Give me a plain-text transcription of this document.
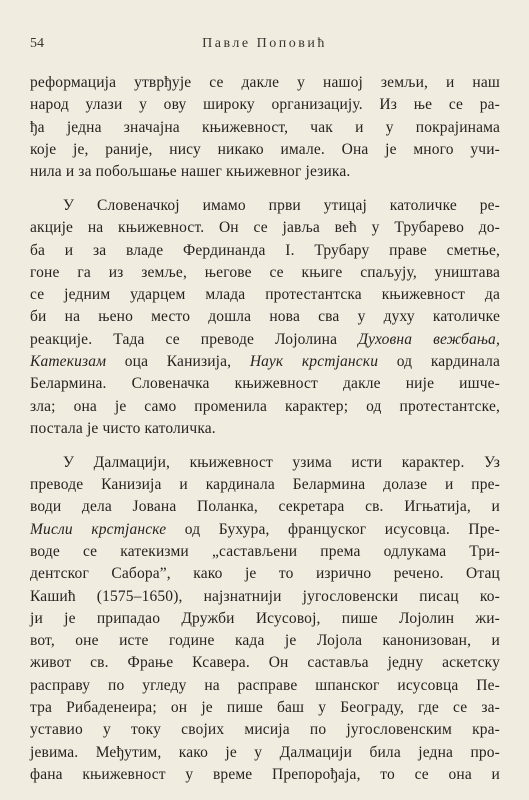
54	Павле Поповић
реформација утврђује се дакле у нашој земљи, и наш
народ улази у ову широку организацију. Из ње се ра-
ђа једна значајна књижевност, чак и у покрајинама
које је, раније, нису никако имале. Она је много учи-
нила и за побољшање нашег књижевног језика.
У Словеначкој имамо први утицај католичке ре-
акције на књижевност. Он се јавља већ у Трубарево до-
ба и за владе Фердинанда I. Трубару праве сметње,
гоне га из земље, његове се књиге спаљују, уништава
се једним ударцем млада протестантска књижевност да
би на њено место дошла нова сва у духу католичке
реакције. Тада се преводе Лојолина Духовна вежбања,
Катекизам оца Канизија, Наук крстјански од кардинала
Белармина. Словеначка књижевност дакле није ишче-
зла; она је само променила карактер; од протестантске,
постала је чисто католичка.
У Далмацији, књижевност узима исти карактер. Уз
преводе Канизија и кардинала Белармина долазе и пре-
води дела Јована Поланка, секретара св. Игњатија, и
Мисли крстјанске од Бухура, француског исусовца. Пре-
воде се катекизми „састављени према одлукама Три-
дентског Сабора”, како је то изрично речено. Отац
Кашић (1575–1650), најзнатнији југословенски писац ко-
ји је припадао Дружби Исусовој, пише Лојолин жи-
вот, оне исте године када је Лојола канонизован, и
живот св. Фрање Ксавера. Он саставља једну аскетску
расправу по угледу на расправе шпанског исусовца Пе-
тра Рибаденеира; он је пише баш у Београду, где се за-
уставио у току својих мисија по југословенским кра-
јевима. Међутим, како је у Далмацији била једна про-
фана књижевност у време Препорођаја, то се она и
